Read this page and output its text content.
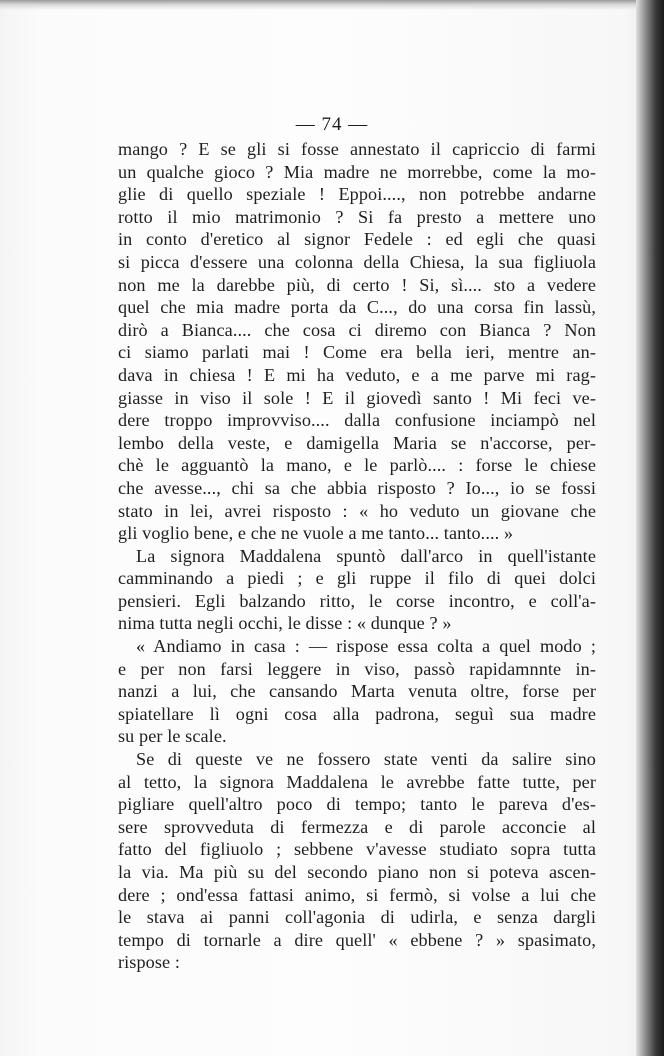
— 74 —
mango ? E se gli si fosse annestato il capriccio di farmi
un qualche gioco ? Mia madre ne morrebbe, come la mo-
glie di quello speziale ! Eppoi...., non potrebbe andarne
rotto il mio matrimonio ? Si fa presto a mettere uno
in conto d'eretico al signor Fedele : ed egli che quasi
si picca d'essere una colonna della Chiesa, la sua figliuola
non me la darebbe più, di certo ! Si, sì.... sto a vedere
quel che mia madre porta da C..., do una corsa fin lassù,
dirò a Bianca.... che cosa ci diremo con Bianca ? Non
ci siamo parlati mai ! Come era bella ieri, mentre an-
dava in chiesa ! E mi ha veduto, e a me parve mi rag-
giasse in viso il sole ! E il giovedì santo ! Mi feci ve-
dere troppo improvviso.... dalla confusione inciampò nel
lembo della veste, e damigella Maria se n'accorse, per-
chè le agguantò la mano, e le parlò.... : forse le chiese
che avesse..., chi sa che abbia risposto ? Io..., io se fossi
stato in lei, avrei risposto : « ho veduto un giovane che
gli voglio bene, e che ne vuole a me tanto... tanto.... »
La signora Maddalena spuntò dall'arco in quell'istante
camminando a piedi ; e gli ruppe il filo di quei dolci
pensieri. Egli balzando ritto, le corse incontro, e coll'a-
nima tutta negli occhi, le disse : « dunque ? »
« Andiamo in casa : — rispose essa colta a quel modo ;
e per non farsi leggere in viso, passò rapidamnnte in-
nanzi a lui, che cansando Marta venuta oltre, forse per
spiatellare lì ogni cosa alla padrona, seguì sua madre
su per le scale.
Se di queste ve ne fossero state venti da salire sino
al tetto, la signora Maddalena le avrebbe fatte tutte, per
pigliare quell'altro poco di tempo; tanto le pareva d'es-
sere sprovveduta di fermezza e di parole acconcie al
fatto del figliuolo ; sebbene v'avesse studiato sopra tutta
la via. Ma più su del secondo piano non si poteva ascen-
dere ; ond'essa fattasi animo, si fermò, si volse a lui che
le stava ai panni coll'agonia di udirla, e senza dargli
tempo di tornarle a dire quell' « ebbene ? » spasimato,
rispose :
